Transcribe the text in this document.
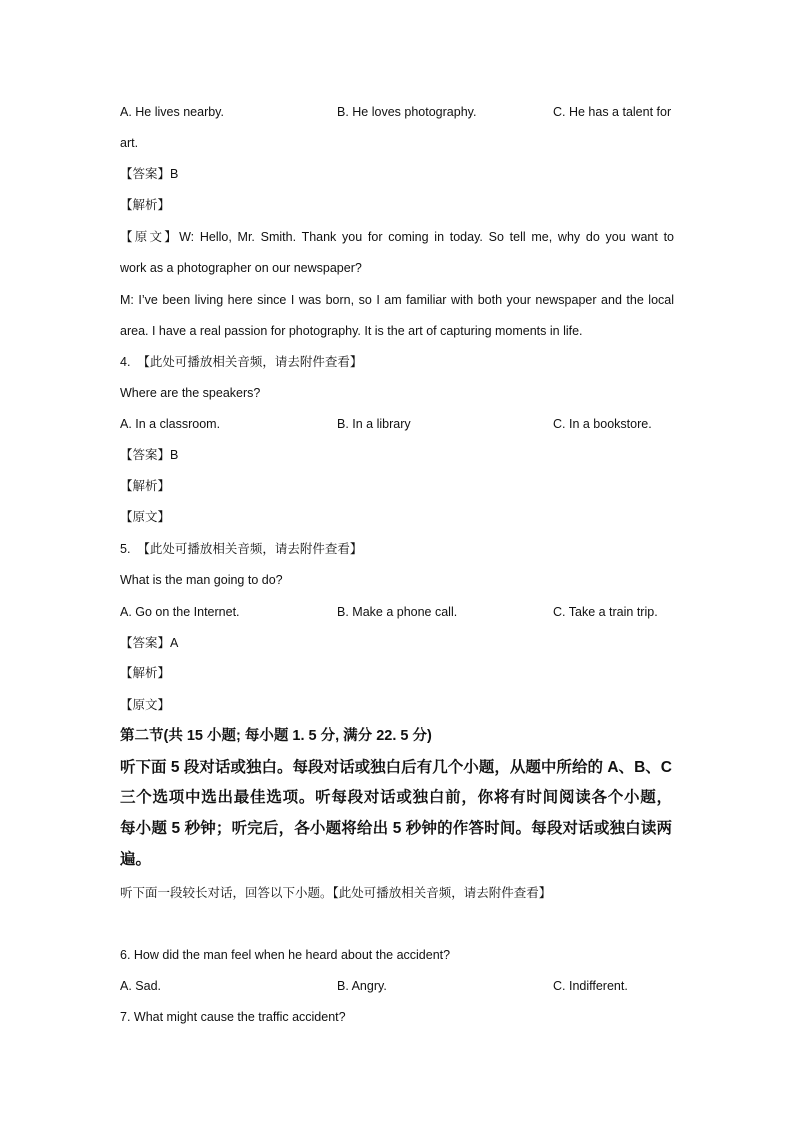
A. He lives nearby.	B. He loves photography.	C. He has a talent for
art.
【答案】B
【解析】
【原文】W: Hello, Mr. Smith. Thank you for coming in today. So tell me, why do you want to
work as a photographer on our newspaper?
M: I’ve been living here since I was born, so I am familiar with both your newspaper and the local
area. I have a real passion for photography. It is the art of capturing moments in life.
4. 【此处可播放相关音频，请去附件查看】
Where are the speakers?
A. In a classroom.	B. In a library	C. In a bookstore.
【答案】B
【解析】
【原文】
5. 【此处可播放相关音频，请去附件查看】
What is the man going to do?
A. Go on the Internet.	B. Make a phone call.	C. Take a train trip.
【答案】A
【解析】
【原文】
第二节(共 15 小题; 每小题 1. 5 分, 满分 22. 5 分)
听下面 5 段对话或独白。每段对话或独白后有几个小题，从题中所给的 A、B、C
三个选项中选出最佳选项。听每段对话或独白前，你将有时间阅读各个小题，
每小题 5 秒钟；听完后，各小题将给出 5 秒钟的作答时间。每段对话或独白读两
遍。
听下面一段较长对话，回答以下小题。【此处可播放相关音频，请去附件查看】
6. How did the man feel when he heard about the accident?
A. Sad.	B. Angry.	C. Indifferent.
7. What might cause the traffic accident?
